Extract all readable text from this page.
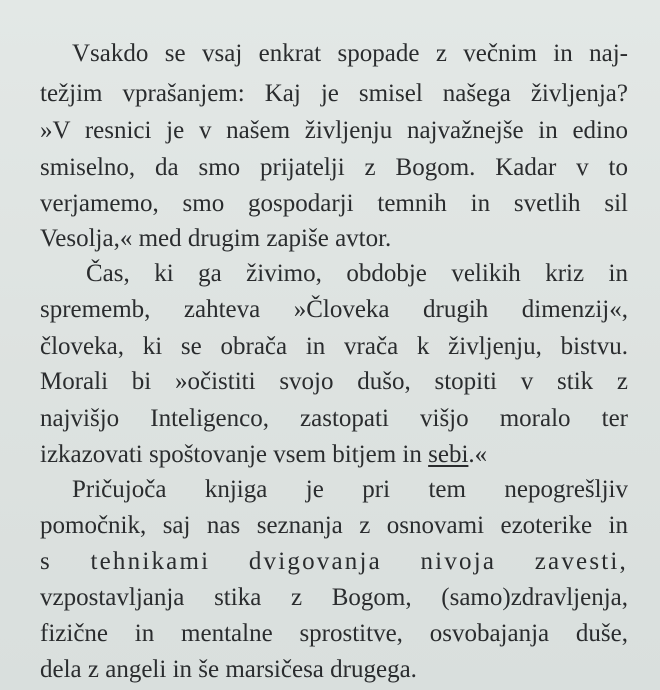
Vsakdo se vsaj enkrat spopade z večnim in naj-
težjim vprašanjem: Kaj je smisel našega življenja?
»V resnici je v našem življenju najvažnejše in edino
smiselno, da smo prijatelji z Bogom. Kadar v to
verjamemo, smo gospodarji temnih in svetlih sil
Vesolja,« med drugim zapiše avtor.
Čas, ki ga živimo, obdobje velikih kriz in
sprememb, zahteva »Človeka drugih dimenzij«,
človeka, ki se obrača in vrača k življenju, bistvu.
Morali bi »očistiti svojo dušo, stopiti v stik z
najvišjo Inteligenco, zastopati višjo moralo ter
izkazovati spoštovanje vsem bitjem in sebi.«
Pričujoča knjiga je pri tem nepogrešljiv
pomočnik, saj nas seznanja z osnovami ezoterike in
s tehnikami dvigovanja nivoja zavesti,
vzpostavljanja stika z Bogom, (samo)zdravljenja,
fizične in mentalne sprostitve, osvobajanja duše,
dela z angeli in še marsičesa drugega.
